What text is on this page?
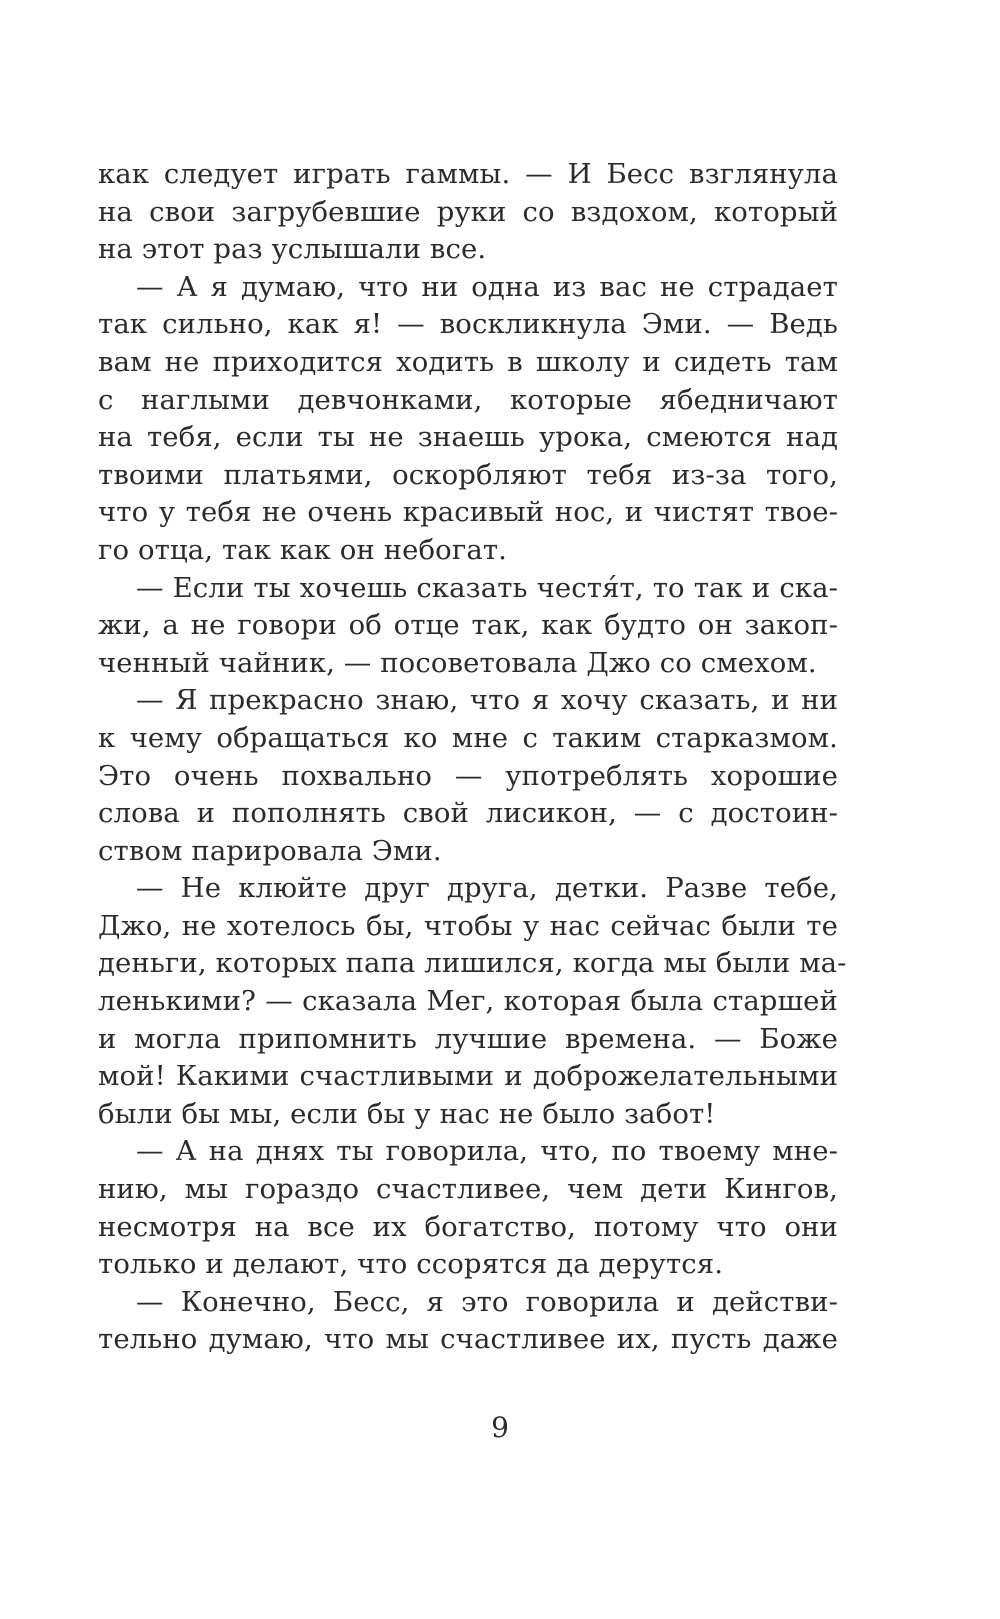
как следует играть гаммы. — И Бесс взглянула
на свои загрубевшие руки со вздохом, который
на этот раз услышали все.
— А я думаю, что ни одна из вас не страдает
так сильно, как я! — воскликнула Эми. — Ведь
вам не приходится ходить в школу и сидеть там
с наглыми девчонками, которые ябедничают
на тебя, если ты не знаешь урока, смеются над
твоими платьями, оскорбляют тебя из-за того,
что у тебя не очень красивый нос, и чистят твое-
го отца, так как он небогат.
— Если ты хочешь сказать честя́т, то так и ска-
жи, а не говори об отце так, как будто он закоп-
ченный чайник, — посоветовала Джо со смехом.
— Я прекрасно знаю, что я хочу сказать, и ни
к чему обращаться ко мне с таким старказмом.
Это очень похвально — употреблять хорошие
слова и пополнять свой лисикон, — с достоин-
ством парировала Эми.
— Не клюйте друг друга, детки. Разве тебе,
Джо, не хотелось бы, чтобы у нас сейчас были те
деньги, которых папа лишился, когда мы были ма-
ленькими? — сказала Мег, которая была старшей
и могла припомнить лучшие времена. — Боже
мой! Какими счастливыми и доброжелательными
были бы мы, если бы у нас не было забот!
— А на днях ты говорила, что, по твоему мне-
нию, мы гораздо счастливее, чем дети Кингов,
несмотря на все их богатство, потому что они
только и делают, что ссорятся да дерутся.
— Конечно, Бесс, я это говорила и действи-
тельно думаю, что мы счастливее их, пусть даже
9
